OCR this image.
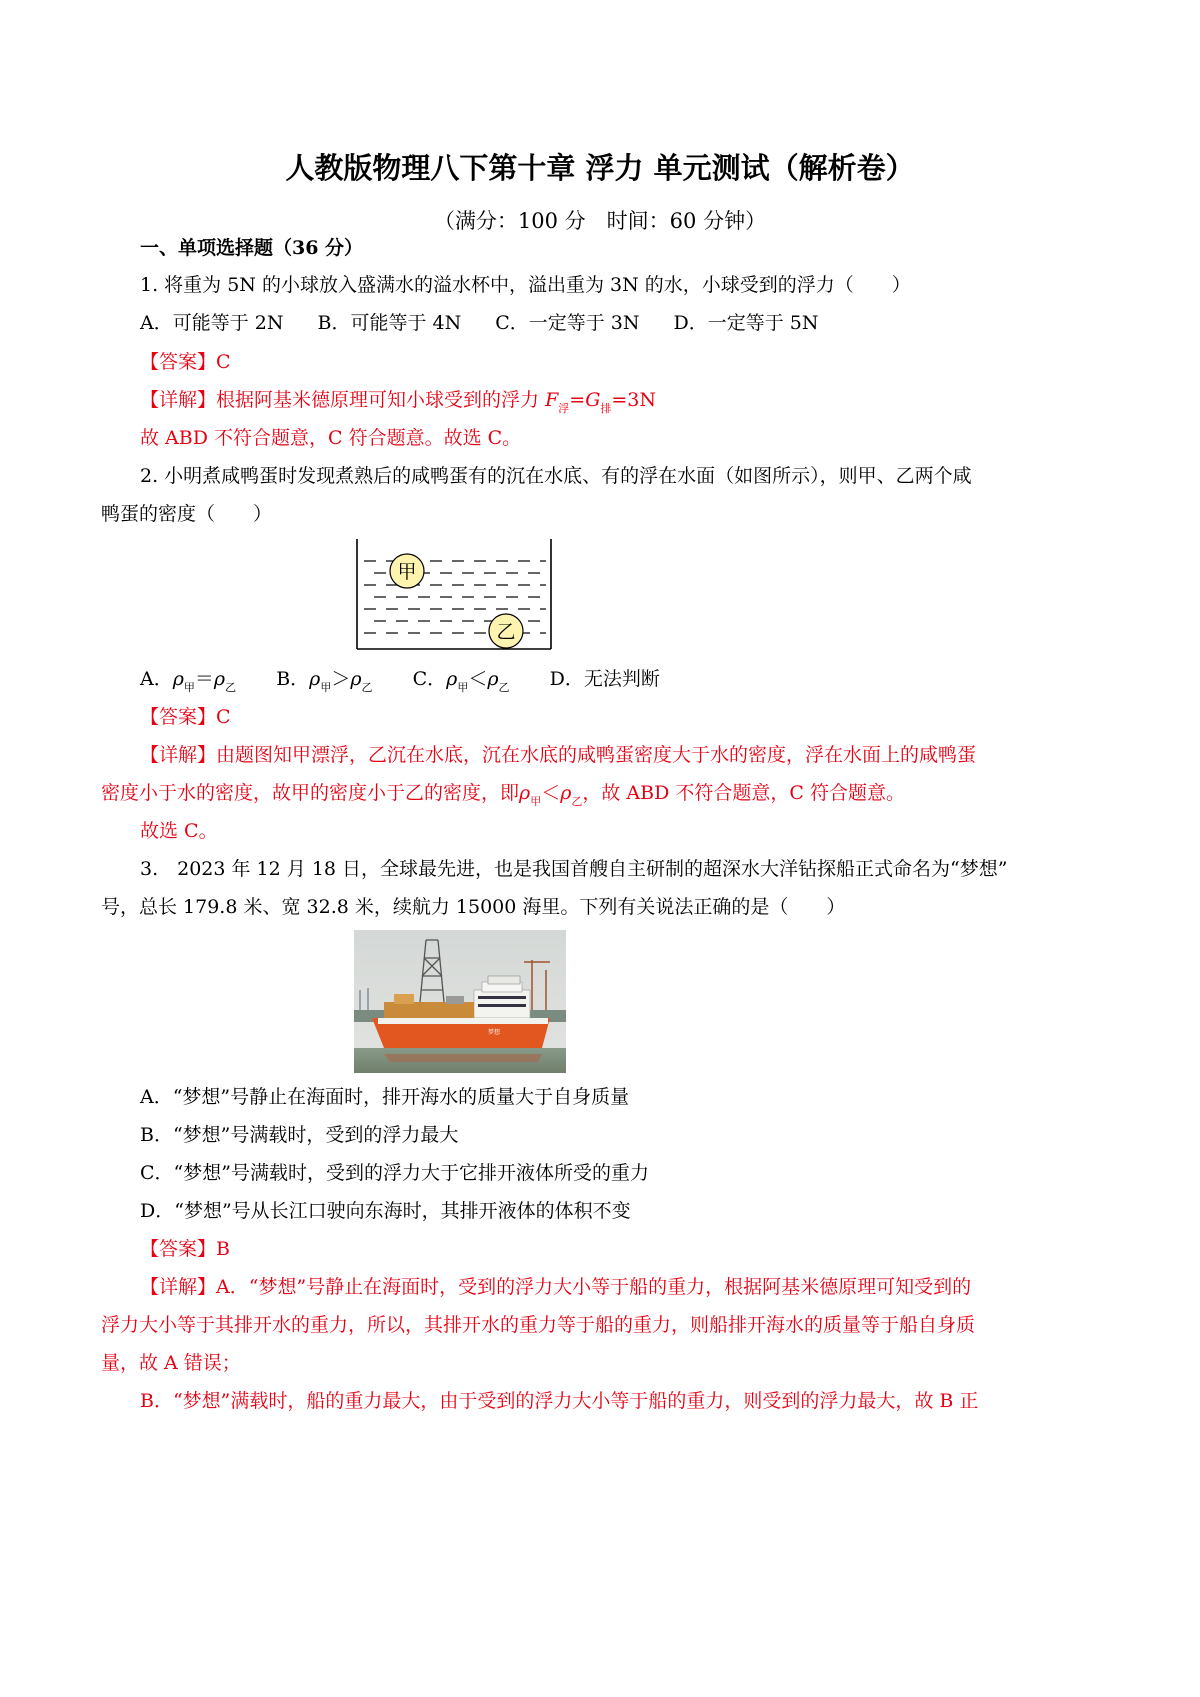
人教版物理八下第十章 浮力 单元测试（解析卷）
（满分：100 分　时间：60 分钟）
一、单项选择题（36 分）
1. 将重为 5N 的小球放入盛满水的溢水杯中，溢出重为 3N 的水，小球受到的浮力（　　）
A．可能等于 2N B．可能等于 4N C．一定等于 3N D．一定等于 5N
【答案】C
【详解】根据阿基米德原理可知小球受到的浮力 $F_浮=G_排=3N$
故 ABD 不符合题意，C 符合题意。故选 C。
2. 小明煮咸鸭蛋时发现煮熟后的咸鸭蛋有的沉在水底、有的浮在水面（如图所示），则甲、乙两个咸
鸭蛋的密度（　　）
甲
乙
A．$\rho_甲=\rho_乙$ B．$\rho_甲>\rho_乙$ C．$\rho_甲<\rho_乙$ D．无法判断
【答案】C
【详解】由题图知甲漂浮，乙沉在水底，沉在水底的咸鸭蛋密度大于水的密度，浮在水面上的咸鸭蛋
密度小于水的密度，故甲的密度小于乙的密度，即$\rho_甲<\rho_乙$，故 ABD 不符合题意，C 符合题意。
故选 C。
3.　2023 年 12 月 18 日，全球最先进，也是我国首艘自主研制的超深水大洋钻探船正式命名为“梦想”
号，总长 179.8 米、宽 32.8 米，续航力 15000 海里。下列有关说法正确的是（　　）
梦想
A．“梦想”号静止在海面时，排开海水的质量大于自身质量
B．“梦想”号满载时，受到的浮力最大
C．“梦想”号满载时，受到的浮力大于它排开液体所受的重力
D．“梦想”号从长江口驶向东海时，其排开液体的体积不变
【答案】B
【详解】A．“梦想”号静止在海面时，受到的浮力大小等于船的重力，根据阿基米德原理可知受到的
浮力大小等于其排开水的重力，所以，其排开水的重力等于船的重力，则船排开海水的质量等于船自身质
量，故 A 错误；
B．“梦想”满载时，船的重力最大，由于受到的浮力大小等于船的重力，则受到的浮力最大，故 B 正
